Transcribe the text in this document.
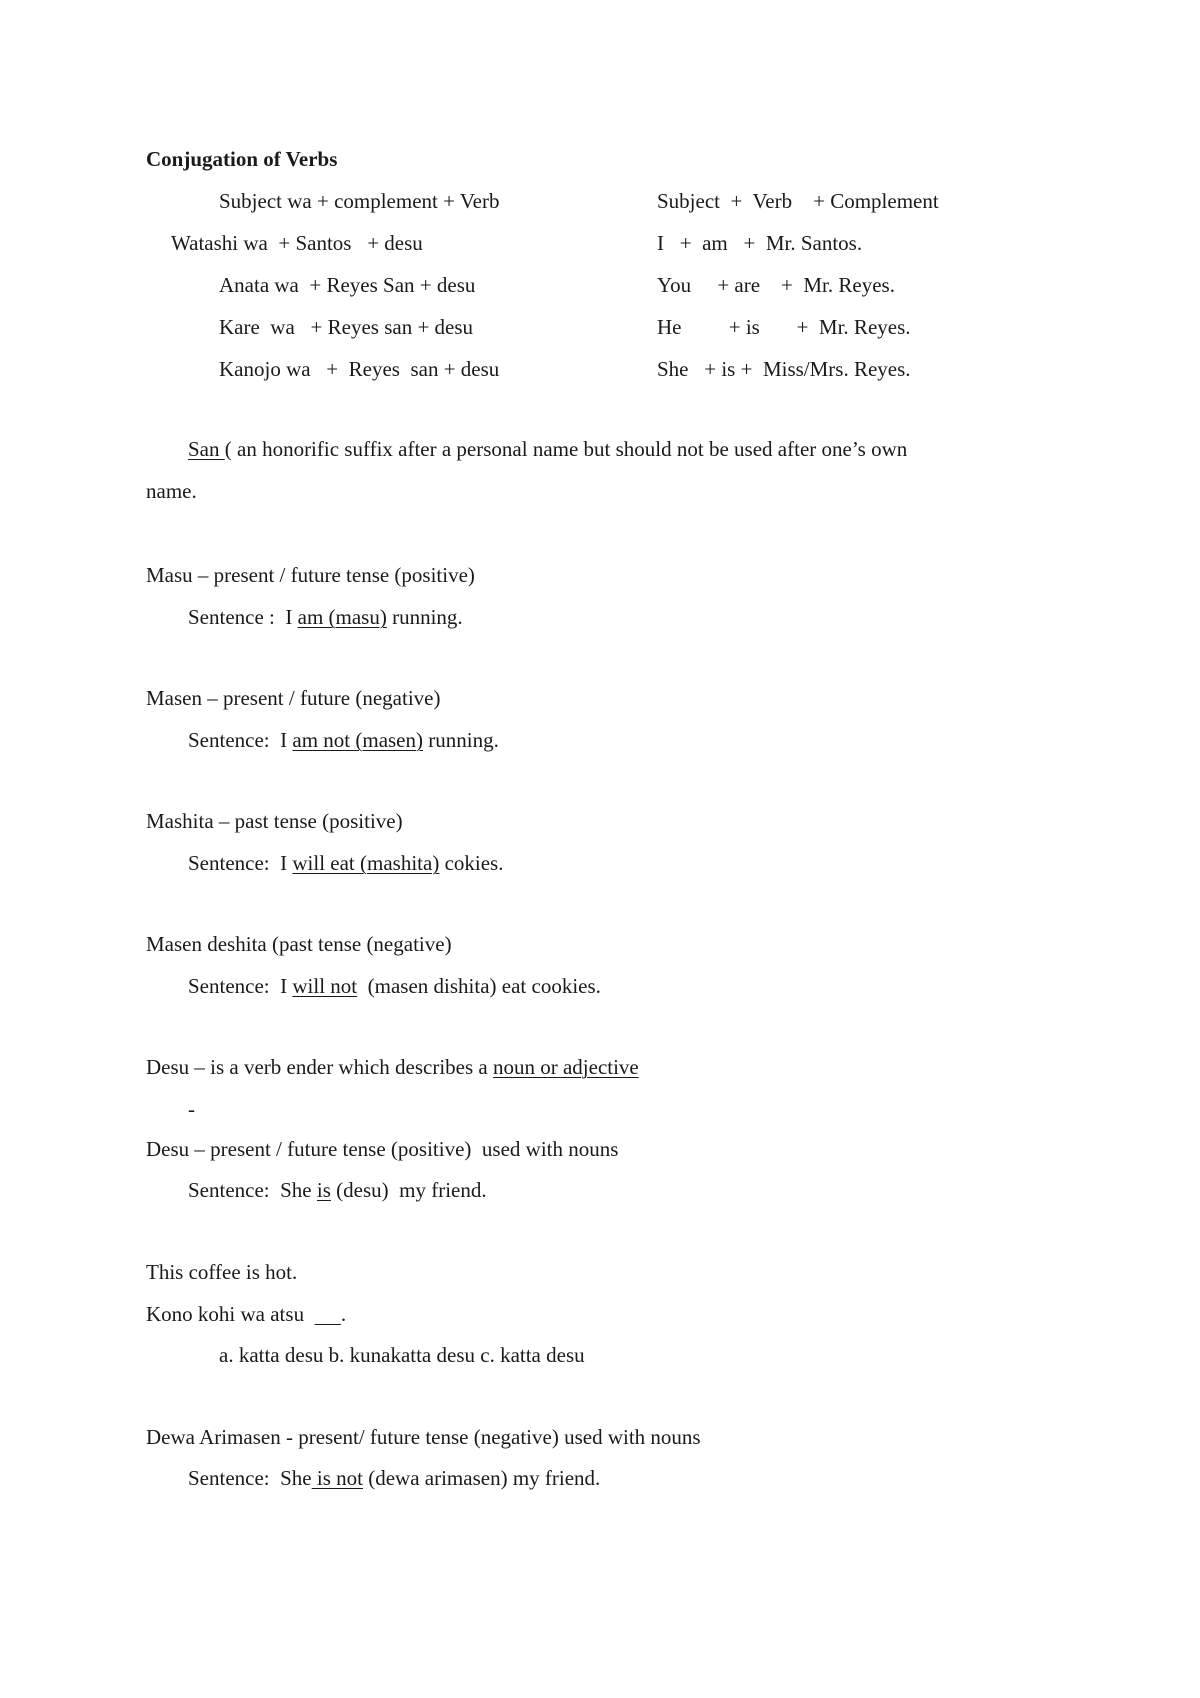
Conjugation of Verbs
Subject wa + complement + Verb
Watashi wa  + Santos   + desu
Anata wa  + Reyes San + desu
Kare  wa   + Reyes san + desu
Kanojo wa   +  Reyes  san + desu
Subject  +  Verb    + Complement
I   +  am   +  Mr. Santos.
You     + are    +  Mr. Reyes.
He         + is       +  Mr. Reyes.
She   + is +  Miss/Mrs. Reyes.
San ( an honorific suffix after a personal name but should not be used after one’s own
name.
Masu – present / future tense (positive)
Sentence :  I am (masu) running.
Masen – present / future (negative)
Sentence:  I am not (masen) running.
Mashita – past tense (positive)
Sentence:  I will eat (mashita) cokies.
Masen deshita (past tense (negative)
Sentence:  I will not  (masen dishita) eat cookies.
Desu – is a verb ender which describes a noun or adjective
-
Desu – present / future tense (positive)  used with nouns
Sentence:  She is (desu)  my friend.
This coffee is hot.
Kono kohi wa atsu       .
a. katta desu b. kunakatta desu c. katta desu
Dewa Arimasen - present/ future tense (negative) used with nouns
Sentence:  She is not (dewa arimasen) my friend.
